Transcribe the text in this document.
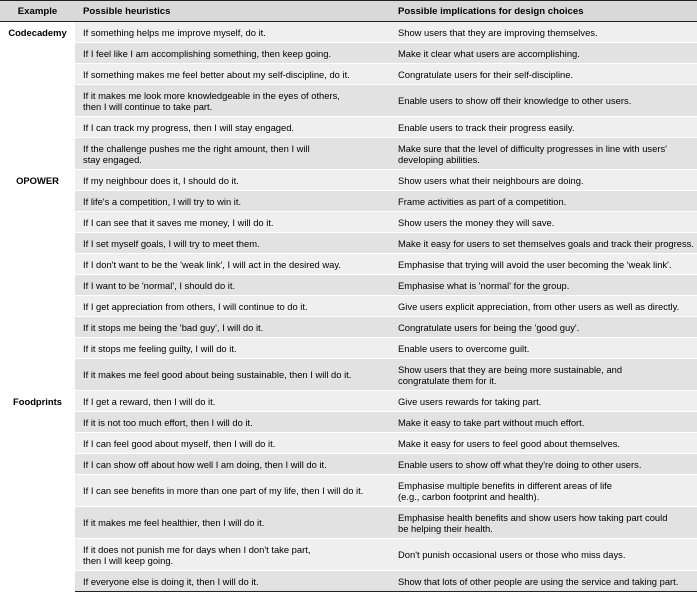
Example	Possible heuristics	Possible implications for design choices
Codecademy	If something helps me improve myself, do it.	Show users that they are improving themselves.

	If I feel like I am accomplishing something, then keep going.	Make it clear what users are accomplishing.

	If something makes me feel better about my self-discipline, do it.	Congratulate users for their self-discipline.

	If it makes me look more knowledgeable in the eyes of others,
then I will continue to take part.	Enable users to show off their knowledge to other users.

	If I can track my progress, then I will stay engaged.	Enable users to track their progress easily.

	If the challenge pushes me the right amount, then I will
stay engaged.	Make sure that the level of difficulty progresses in line with users'
developing abilities.

OPOWER	If my neighbour does it, I should do it.	Show users what their neighbours are doing.

	If life's a competition, I will try to win it.	Frame activities as part of a competition.

	If I can see that it saves me money, I will do it.	Show users the money they will save.

	If I set myself goals, I will try to meet them.	Make it easy for users to set themselves goals and track their progress.

	If I don't want to be the 'weak link', I will act in the desired way.	Emphasise that trying will avoid the user becoming the 'weak link'.

	If I want to be 'normal', I should do it.	Emphasise what is 'normal' for the group.

	If I get appreciation from others, I will continue to do it.	Give users explicit appreciation, from other users as well as directly.

	If it stops me being the 'bad guy', I will do it.	Congratulate users for being the 'good guy'.

	If it stops me feeling guilty, I will do it.	Enable users to overcome guilt.

	If it makes me feel good about being sustainable, then I will do it.	Show users that they are being more sustainable, and
congratulate them for it.

Foodprints	If I get a reward, then I will do it.	Give users rewards for taking part.

	If it is not too much effort, then I will do it.	Make it easy to take part without much effort.

	If I can feel good about myself, then I will do it.	Make it easy for users to feel good about themselves.

	If I can show off about how well I am doing, then I will do it.	Enable users to show off what they're doing to other users.

	If I can see benefits in more than one part of my life, then I will do it.	Emphasise multiple benefits in different areas of life
(e.g., carbon footprint and health).

	If it makes me feel healthier, then I will do it.	Emphasise health benefits and show users how taking part could
be helping their health.

	If it does not punish me for days when I don't take part,
then I will keep going.	Don't punish occasional users or those who miss days.

	If everyone else is doing it, then I will do it.	Show that lots of other people are using the service and taking part.
